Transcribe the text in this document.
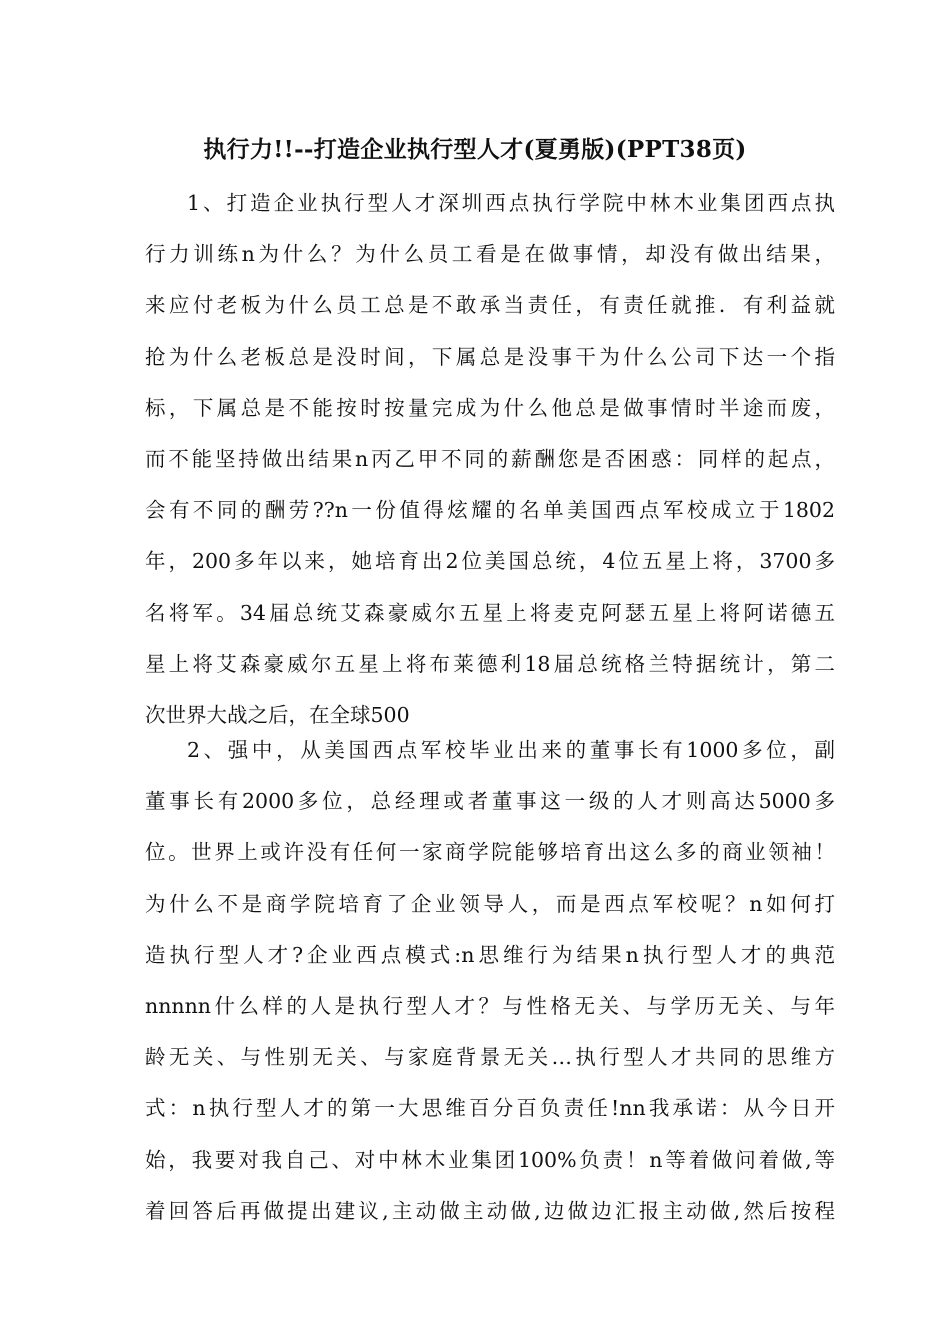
执行力!!--打造企业执行型人才(夏勇版)(PPT38页)
1、打造企业执行型人才深圳西点执行学院中林木业集团西点执
行力训练n为什么？为什么员工看是在做事情，却没有做出结果，
来应付老板为什么员工总是不敢承当责任，有责任就推．有利益就
抢为什么老板总是没时间，下属总是没事干为什么公司下达一个指
标，下属总是不能按时按量完成为什么他总是做事情时半途而废，
而不能坚持做出结果n丙乙甲不同的薪酬您是否困惑：同样的起点，
会有不同的酬劳??n一份值得炫耀的名单美国西点军校成立于1802
年，200多年以来，她培育出2位美国总统，4位五星上将，3700多
名将军。34届总统艾森豪威尔五星上将麦克阿瑟五星上将阿诺德五
星上将艾森豪威尔五星上将布莱德利18届总统格兰特据统计，第二
次世界大战之后，在全球500
2、强中，从美国西点军校毕业出来的董事长有1000多位，副
董事长有2000多位，总经理或者董事这一级的人才则高达5000多
位。世界上或许没有任何一家商学院能够培育出这么多的商业领袖！
为什么不是商学院培育了企业领导人，而是西点军校呢？n如何打
造执行型人才?企业西点模式:n思维行为结果n执行型人才的典范
nnnnn什么样的人是执行型人才？与性格无关、与学历无关、与年
龄无关、与性别无关、与家庭背景无关…执行型人才共同的思维方
式：n执行型人才的第一大思维百分百负责任!nn我承诺：从今日开
始，我要对我自己、对中林木业集团100%负责！n等着做问着做,等
着回答后再做提出建议,主动做主动做,边做边汇报主动做,然后按程
